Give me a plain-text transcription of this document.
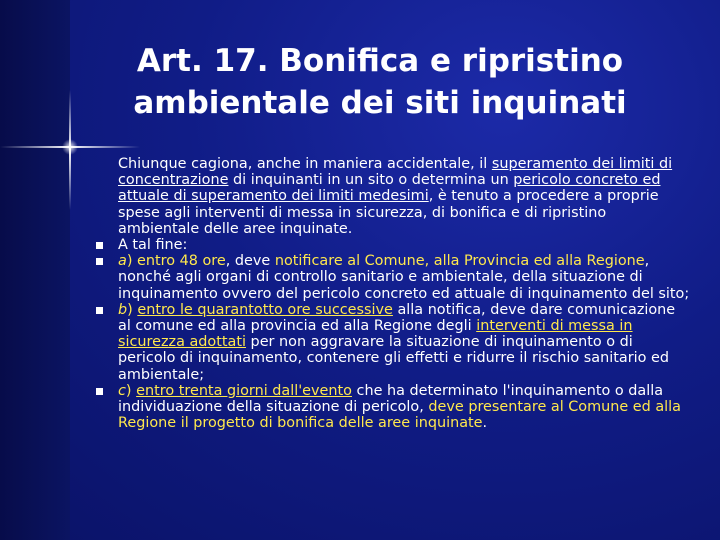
Art. 17. Bonifica e ripristino
ambientale dei siti inquinati

Chiunque cagiona, anche in maniera accidentale, il superamento dei limiti di concentrazione di inquinanti in un sito o determina un pericolo concreto ed attuale di superamento dei limiti medesimi, è tenuto a procedere a proprie spese agli interventi di messa in sicurezza, di bonifica e di ripristino ambientale delle aree inquinate.

A tal fine:
a) entro 48 ore, deve notificare al Comune, alla Provincia ed alla Regione, nonché agli organi di controllo sanitario e ambientale, della situazione di inquinamento ovvero del pericolo concreto ed attuale di inquinamento del sito;
b) entro le quarantotto ore successive alla notifica, deve dare comunicazione al comune ed alla provincia ed alla Regione degli interventi di messa in sicurezza adottati per non aggravare la situazione di inquinamento o di pericolo di inquinamento, contenere gli effetti e ridurre il rischio sanitario ed ambientale;
c) entro trenta giorni dall'evento che ha determinato l'inquinamento o dalla individuazione della situazione di pericolo, deve presentare al Comune ed alla Regione il progetto di bonifica delle aree inquinate.
